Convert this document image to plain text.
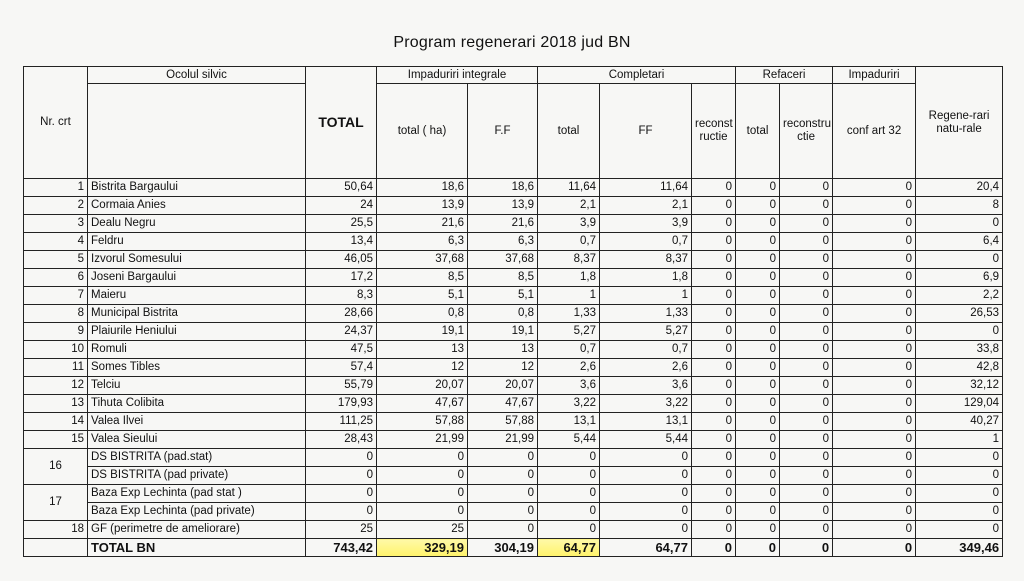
Program regenerari 2018 jud BN
Nr. crt	Ocolul silvic	TOTAL	Impaduriri integrale		Completari			Refaceri		Impaduriri	Regene-rari natu-rale
			total ( ha)	F.F	total	FF	reconst ructie	total	reconstru ctie	conf art 32	
1	Bistrita Bargaului	50,64	18,6	18,6	11,64	11,64	0	0	0	0	20,4
2	Cormaia Anies	24	13,9	13,9	2,1	2,1	0	0	0	0	8
3	Dealu Negru	25,5	21,6	21,6	3,9	3,9	0	0	0	0	0
4	Feldru	13,4	6,3	6,3	0,7	0,7	0	0	0	0	6,4
5	Izvorul Somesului	46,05	37,68	37,68	8,37	8,37	0	0	0	0	0
6	Joseni Bargaului	17,2	8,5	8,5	1,8	1,8	0	0	0	0	6,9
7	Maieru	8,3	5,1	5,1	1	1	0	0	0	0	2,2
8	Municipal Bistrita	28,66	0,8	0,8	1,33	1,33	0	0	0	0	26,53
9	Plaiurile Heniului	24,37	19,1	19,1	5,27	5,27	0	0	0	0	0
10	Romuli	47,5	13	13	0,7	0,7	0	0	0	0	33,8
11	Somes Tibles	57,4	12	12	2,6	2,6	0	0	0	0	42,8
12	Telciu	55,79	20,07	20,07	3,6	3,6	0	0	0	0	32,12
13	Tihuta Colibita	179,93	47,67	47,67	3,22	3,22	0	0	0	0	129,04
14	Valea Ilvei	111,25	57,88	57,88	13,1	13,1	0	0	0	0	40,27
15	Valea Sieului	28,43	21,99	21,99	5,44	5,44	0	0	0	0	1
16	DS BISTRITA (pad.stat)	0	0	0	0	0	0	0	0	0	0
	DS BISTRITA (pad private)	0	0	0	0	0	0	0	0	0	0
17	Baza Exp Lechinta (pad stat )	0	0	0	0	0	0	0	0	0	0
	Baza Exp Lechinta (pad private)	0	0	0	0	0	0	0	0	0	0
18	GF (perimetre de ameliorare)	25	25	0	0	0	0	0	0	0	0
	TOTAL BN	743,42	329,19	304,19	64,77	64,77	0	0	0	0	349,46
